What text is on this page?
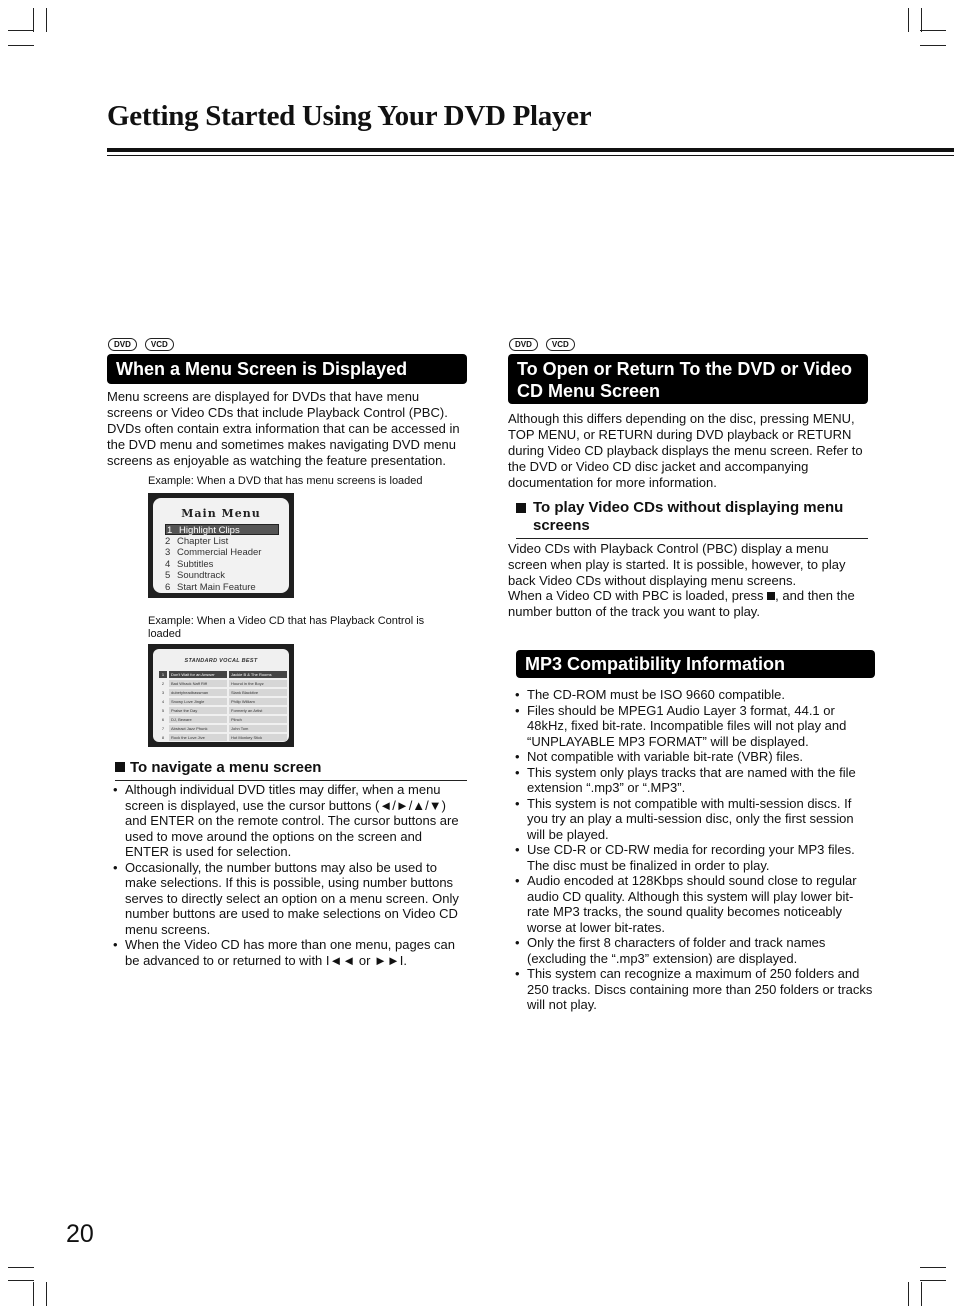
Getting Started Using Your DVD Player
DVD	VCD
When a Menu Screen is Displayed

Menu screens are displayed for DVDs that have menu screens or Video CDs that include Playback Control (PBC). DVDs often contain extra information that can be accessed in the DVD menu and sometimes makes navigating DVD menu screens as enjoyable as watching the feature presentation.

Example: When a DVD that has menu screens is loaded
Main Menu
1 Highlight Clips
2 Chapter List
3 Commercial Header
4 Subtitles
5 Soundtrack
6 Start Main Feature
Example: When a Video CD that has Playback Control is loaded
STANDARD VOCAL BEST
1	Don't Wait for an Answer	Jackie B & The Rooms
2	Bad Whack Naff Riff	Hound in the Boyz
3	dubetyheadbassman	Slank Blacktive
4	Snowy Love Jingle	Philip William
5	Praise the Day	Formerly an Artist
6	DJ, Beware	Plinch
7	Abstract Jazz Phunk	John Tom
8	Rock the Love Jive	Hot Monkey Stick
To navigate a menu screen
• Although individual DVD titles may differ, when a menu screen is displayed, use the cursor buttons (◄/►/▲/▼) and ENTER on the remote control. The cursor buttons are used to move around the options on the screen and ENTER is used for selection.
• Occasionally, the number buttons may also be used to make selections. If this is possible, using number buttons serves to directly select an option on a menu screen. Only number buttons are used to make selections on Video CD menu screens.
• When the Video CD has more than one menu, pages can be advanced to or returned to with I◄◄ or ►►I.
DVD	VCD
To Open or Return To the DVD or Video CD Menu Screen

Although this differs depending on the disc, pressing MENU, TOP MENU, or RETURN during DVD playback or RETURN during Video CD playback displays the menu screen. Refer to the DVD or Video CD disc jacket and accompanying documentation for more information.

To play Video CDs without displaying menu screens

Video CDs with Playback Control (PBC) display a menu screen when play is started. It is possible, however, to play back Video CDs without displaying menu screens.

When a Video CD with PBC is loaded, press , and then the number button of the track you want to play.

MP3 Compatibility Information
• The CD-ROM must be ISO 9660 compatible.
• Files should be MPEG1 Audio Layer 3 format, 44.1 or 48kHz, fixed bit-rate. Incompatible files will not play and “UNPLAYABLE MP3 FORMAT” will be displayed.
• Not compatible with variable bit-rate (VBR) files.
• This system only plays tracks that are named with the file extension “.mp3” or “.MP3”.
• This system is not compatible with multi-session discs. If you try an play a multi-session disc, only the first session will be played.
• Use CD-R or CD-RW media for recording your MP3 files. The disc must be finalized in order to play.
• Audio encoded at 128Kbps should sound close to regular audio CD quality. Although this system will play lower bit-rate MP3 tracks, the sound quality becomes noticeably worse at lower bit-rates.
• Only the first 8 characters of folder and track names (excluding the “.mp3” extension) are displayed.
• This system can recognize a maximum of 250 folders and 250 tracks. Discs containing more than 250 folders or tracks will not play.
20
